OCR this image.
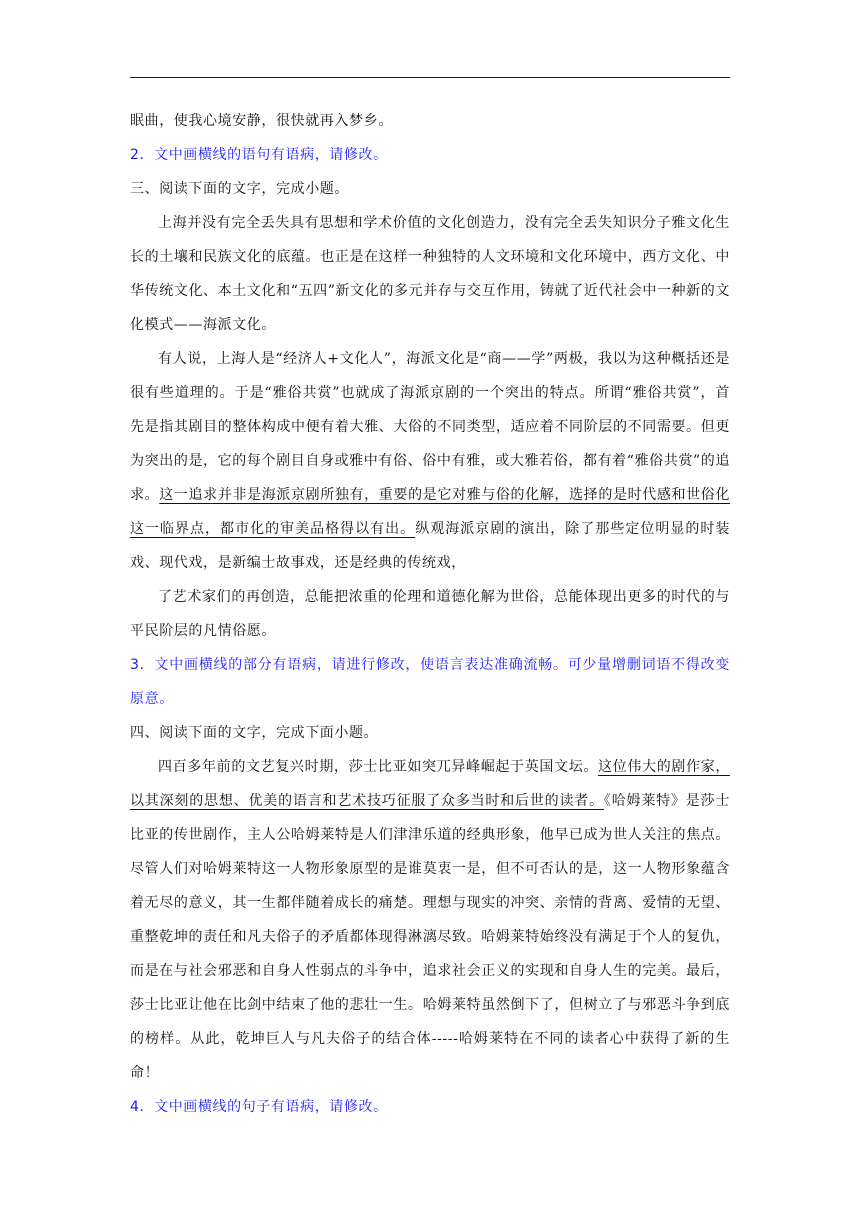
眠曲，使我心境安静，很快就再入梦乡。

2．文中画横线的语句有语病，请修改。

三、阅读下面的文字，完成小题。

上海并没有完全丢失具有思想和学术价值的文化创造力，没有完全丢失知识分子雅文化生长的土壤和民族文化的底蕴。也正是在这样一种独特的人文环境和文化环境中，西方文化、中华传统文化、本土文化和“五四”新文化的多元并存与交互作用，铸就了近代社会中一种新的文化模式——海派文化。

有人说，上海人是“经济人+文化人”，海派文化是“商——学”两极，我以为这种概括还是很有些道理的。于是“雅俗共赏”也就成了海派京剧的一个突出的特点。所谓“雅俗共赏”，首先是指其剧目的整体构成中便有着大雅、大俗的不同类型，适应着不同阶层的不同需要。但更为突出的是，它的每个剧目自身或雅中有俗、俗中有雅，或大雅若俗，都有着“雅俗共赏”的追求。这一追求并非是海派京剧所独有，重要的是它对雅与俗的化解，选择的是时代感和世俗化这一临界点，都市化的审美品格得以有出。纵观海派京剧的演出，除了那些定位明显的时装戏、现代戏，是新编士故事戏，还是经典的传统戏，

了艺术家们的再创造，总能把浓重的伦理和道德化解为世俗，总能体现出更多的时代的与平民阶层的凡情俗愿。

3．文中画横线的部分有语病，请进行修改，使语言表达准确流畅。可少量增删词语不得改变原意。

四、阅读下面的文字，完成下面小题。

四百多年前的文艺复兴时期，莎士比亚如突兀异峰崛起于英国文坛。这位伟大的剧作家，以其深刻的思想、优美的语言和艺术技巧征服了众多当时和后世的读者。《哈姆莱特》是莎士比亚的传世剧作，主人公哈姆莱特是人们津津乐道的经典形象，他早已成为世人关注的焦点。尽管人们对哈姆莱特这一人物形象原型的是谁莫衷一是，但不可否认的是，这一人物形象蕴含着无尽的意义，其一生都伴随着成长的痛楚。理想与现实的冲突、亲情的背离、爱情的无望、重整乾坤的责任和凡夫俗子的矛盾都体现得淋漓尽致。哈姆莱特始终没有满足于个人的复仇，而是在与社会邪恶和自身人性弱点的斗争中，追求社会正义的实现和自身人生的完美。最后，莎士比亚让他在比剑中结束了他的悲壮一生。哈姆莱特虽然倒下了，但树立了与邪恶斗争到底的榜样。从此，乾坤巨人与凡夫俗子的结合体-----哈姆莱特在不同的读者心中获得了新的生命！

4．文中画横线的句子有语病，请修改。
